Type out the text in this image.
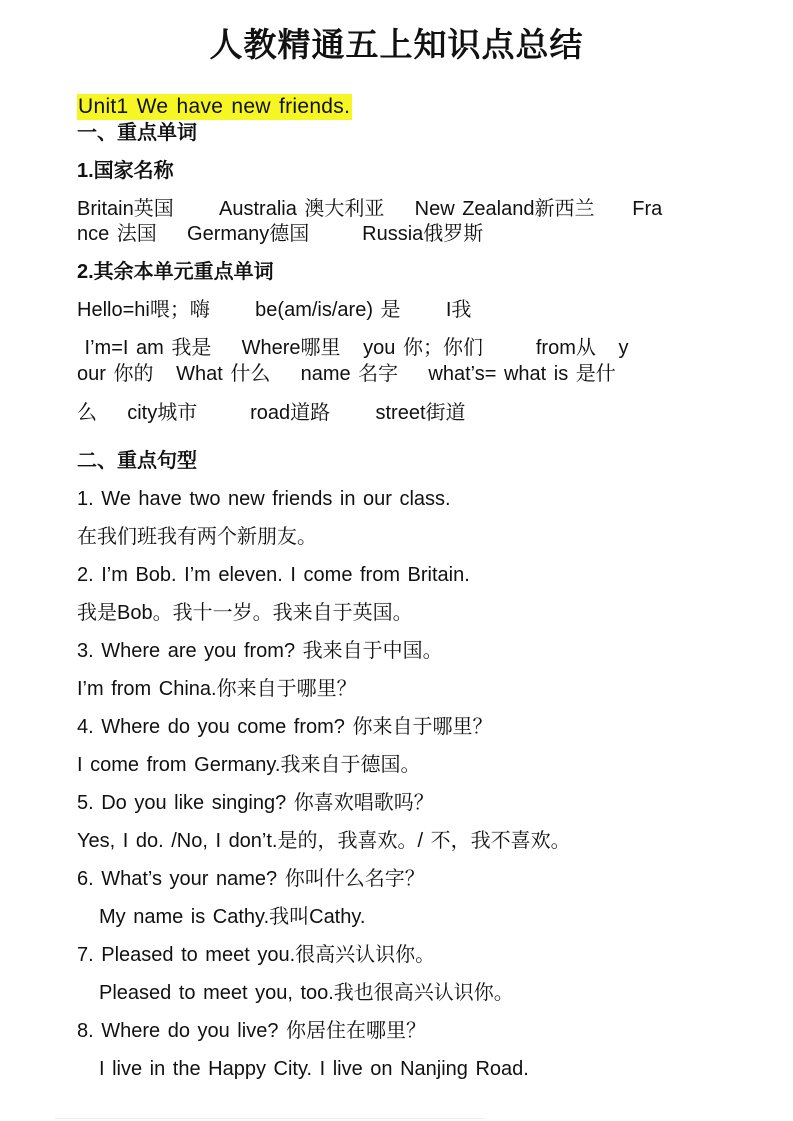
人教精通五上知识点总结
Unit1 We have new friends.
一、重点单词
1.国家名称
Britain英国      Australia 澳大利亚    New Zealand新西兰     Fra
nce 法国    Germany德国       Russia俄罗斯
2.其余本单元重点单词
Hello=hi喂；嗨      be(am/is/are) 是      I我
I’m=I am 我是    Where哪里   you 你；你们       from从   y
our 你的   What 什么    name 名字    what’s= what is 是什
么    city城市       road道路      street街道
二、重点句型
1. We have two new friends in our class.
在我们班我有两个新朋友。
2. I’m Bob. I’m eleven. I come from Britain.
我是Bob。我十一岁。我来自于英国。
3. Where are you from? 我来自于中国。
I’m from China.你来自于哪里？
4. Where do you come from? 你来自于哪里？
I come from Germany.我来自于德国。
5. Do you like singing? 你喜欢唱歌吗？
Yes, I do. /No, I don’t.是的，我喜欢。/ 不，我不喜欢。
6. What’s your name? 你叫什么名字？
My name is Cathy.我叫Cathy.
7. Pleased to meet you.很高兴认识你。
Pleased to meet you, too.我也很高兴认识你。
8. Where do you live? 你居住在哪里？
I live in the Happy City. I live on Nanjing Road.
